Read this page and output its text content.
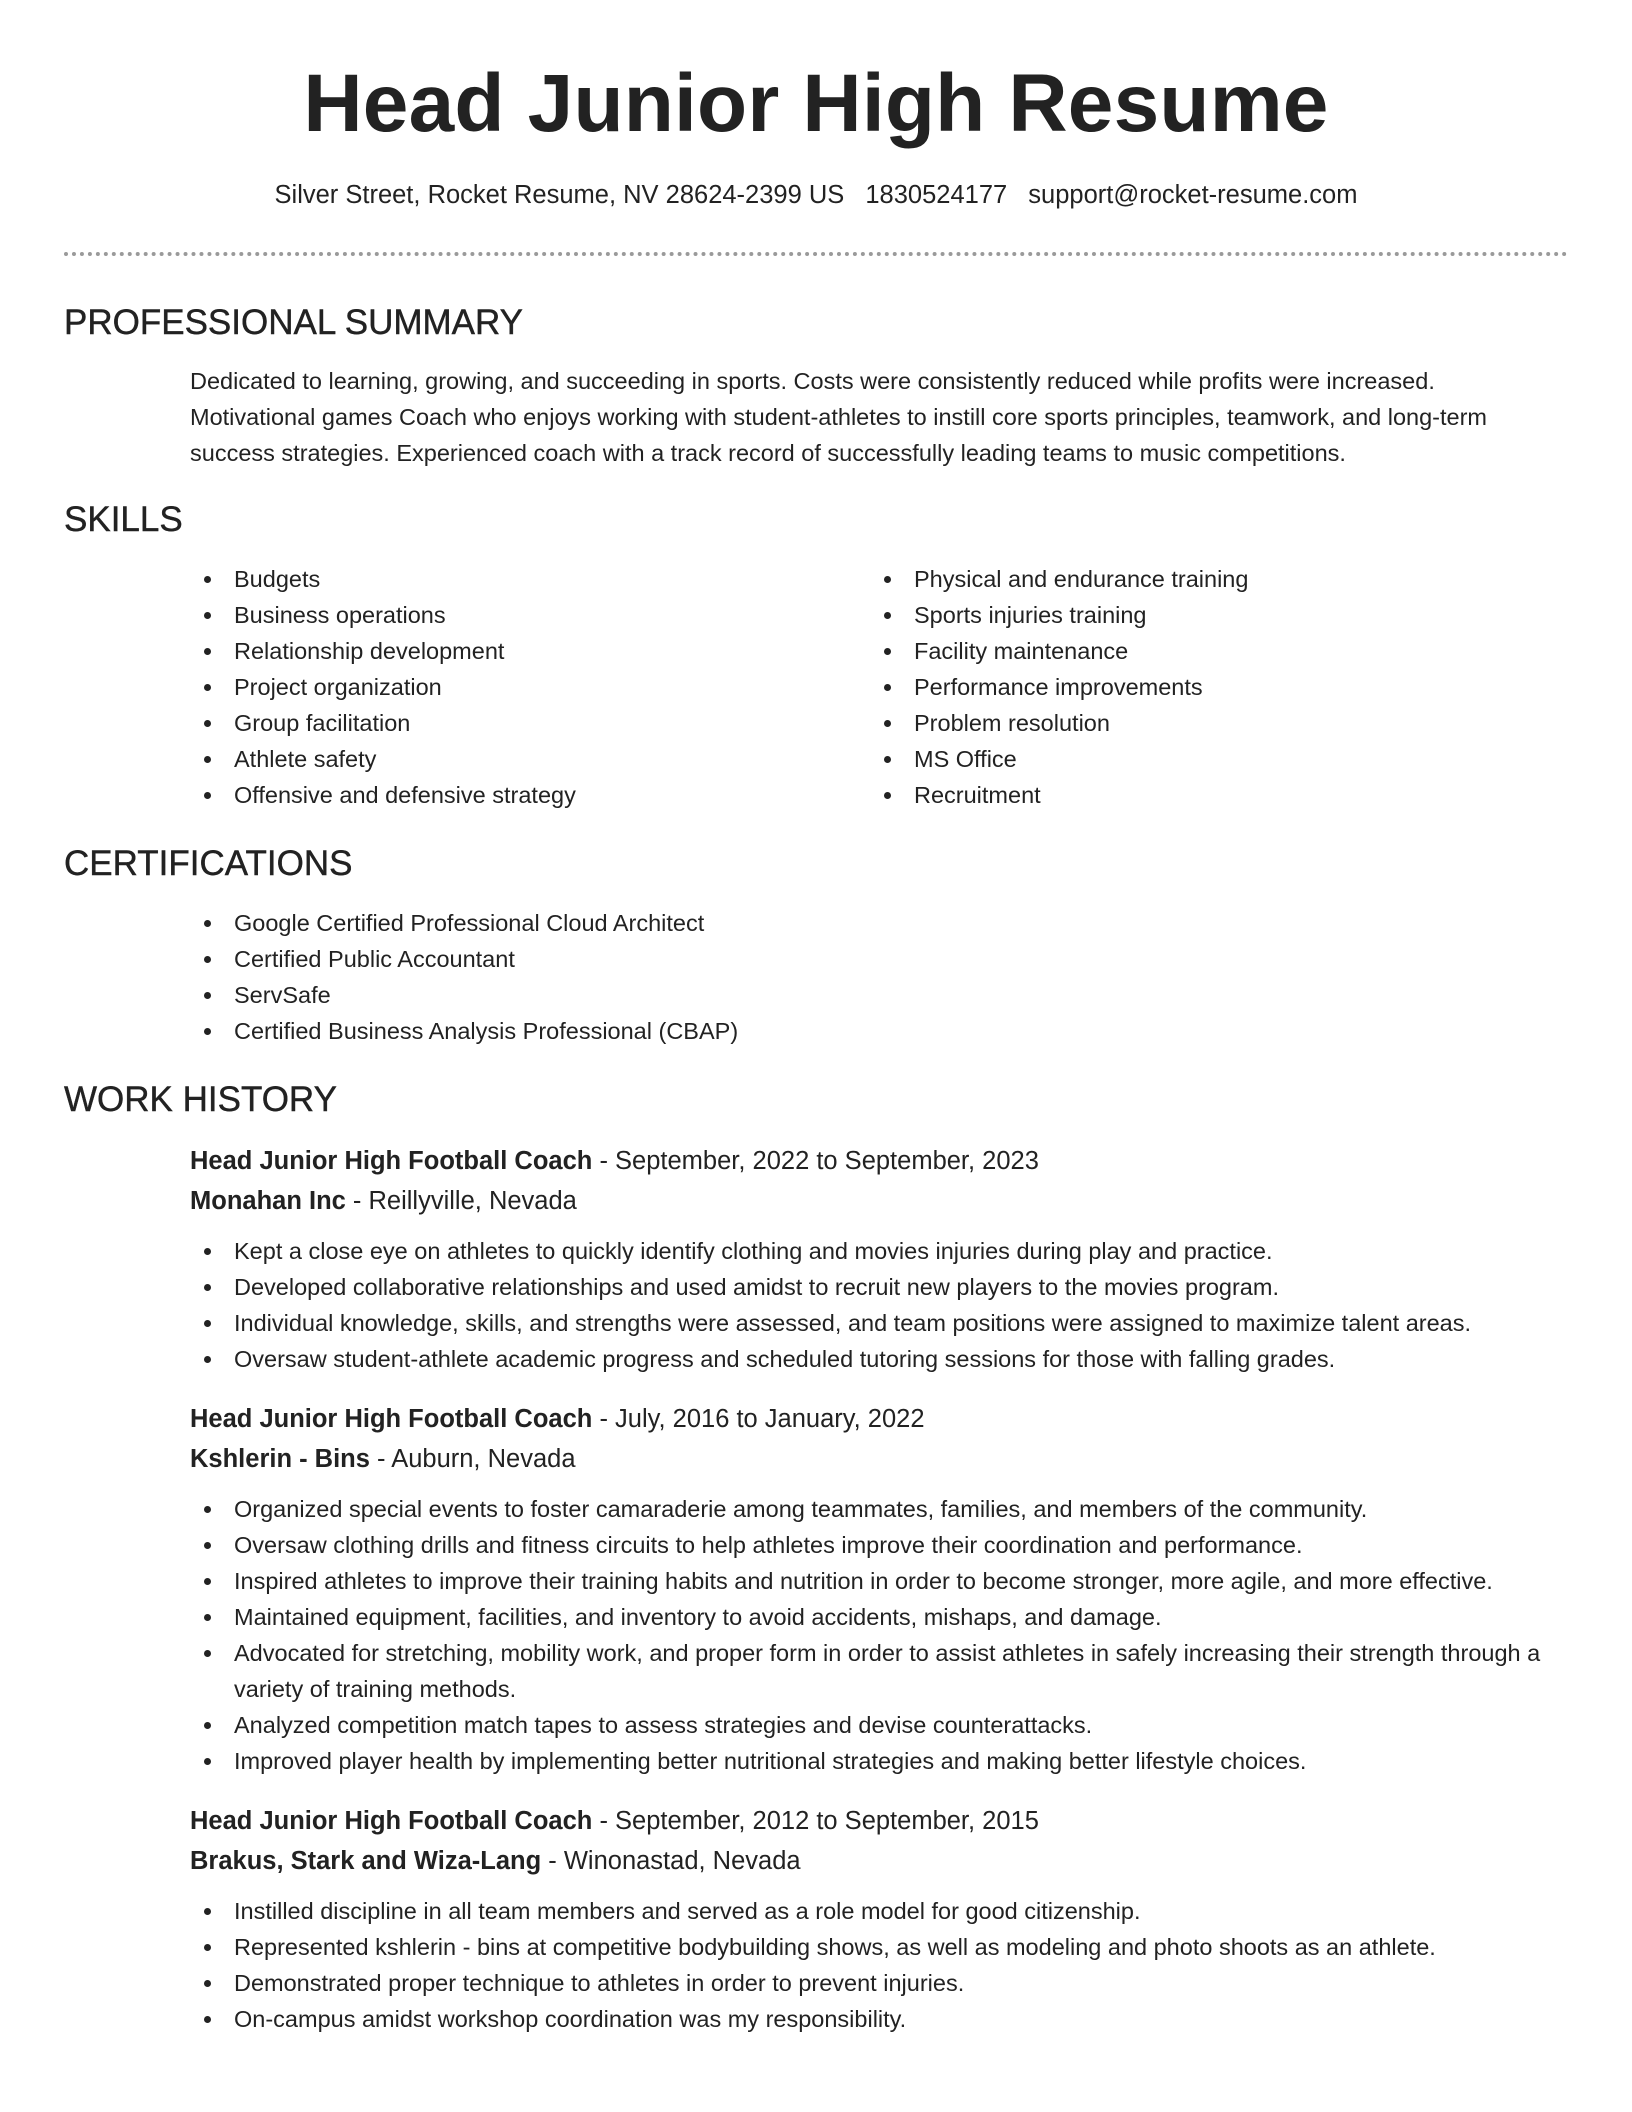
Head Junior High Resume
Silver Street, Rocket Resume, NV 28624-2399 US 1830524177 support@rocket-resume.com
PROFESSIONAL SUMMARY
Dedicated to learning, growing, and succeeding in sports. Costs were consistently reduced while profits were increased. Motivational games Coach who enjoys working with student-athletes to instill core sports principles, teamwork, and long-term success strategies. Experienced coach with a track record of successfully leading teams to music competitions.
SKILLS
Budgets
Business operations
Relationship development
Project organization
Group facilitation
Athlete safety
Offensive and defensive strategy
Physical and endurance training
Sports injuries training
Facility maintenance
Performance improvements
Problem resolution
MS Office
Recruitment
CERTIFICATIONS
Google Certified Professional Cloud Architect
Certified Public Accountant
ServSafe
Certified Business Analysis Professional (CBAP)
WORK HISTORY
Head Junior High Football Coach - September, 2022 to September, 2023
Monahan Inc - Reillyville, Nevada
Kept a close eye on athletes to quickly identify clothing and movies injuries during play and practice.
Developed collaborative relationships and used amidst to recruit new players to the movies program.
Individual knowledge, skills, and strengths were assessed, and team positions were assigned to maximize talent areas.
Oversaw student-athlete academic progress and scheduled tutoring sessions for those with falling grades.
Head Junior High Football Coach - July, 2016 to January, 2022
Kshlerin - Bins - Auburn, Nevada
Organized special events to foster camaraderie among teammates, families, and members of the community.
Oversaw clothing drills and fitness circuits to help athletes improve their coordination and performance.
Inspired athletes to improve their training habits and nutrition in order to become stronger, more agile, and more effective.
Maintained equipment, facilities, and inventory to avoid accidents, mishaps, and damage.
Advocated for stretching, mobility work, and proper form in order to assist athletes in safely increasing their strength through a variety of training methods.
Analyzed competition match tapes to assess strategies and devise counterattacks.
Improved player health by implementing better nutritional strategies and making better lifestyle choices.
Head Junior High Football Coach - September, 2012 to September, 2015
Brakus, Stark and Wiza-Lang - Winonastad, Nevada
Instilled discipline in all team members and served as a role model for good citizenship.
Represented kshlerin - bins at competitive bodybuilding shows, as well as modeling and photo shoots as an athlete.
Demonstrated proper technique to athletes in order to prevent injuries.
On-campus amidst workshop coordination was my responsibility.
